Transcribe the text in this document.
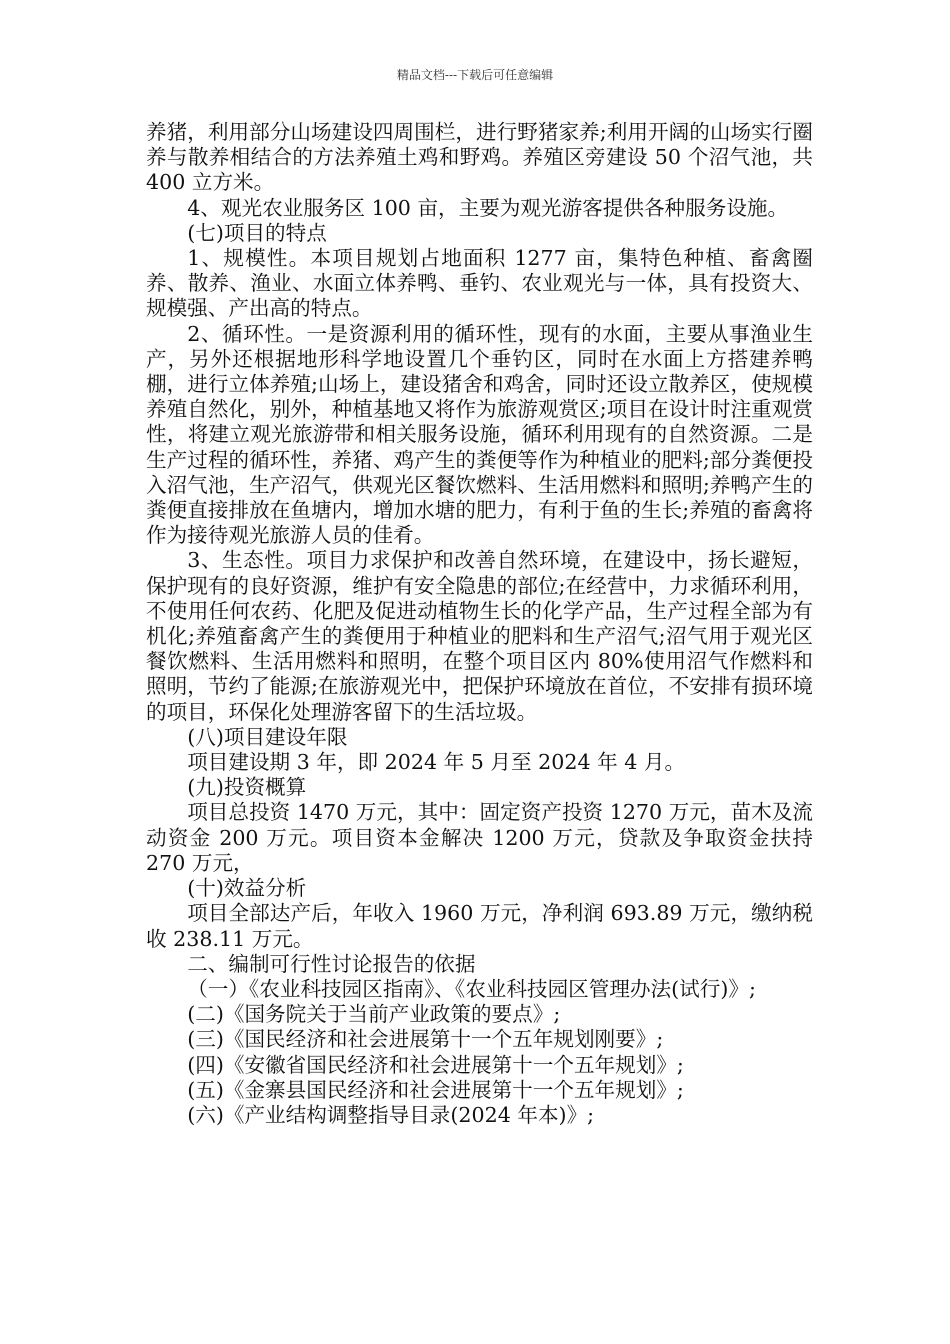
精品文档---下载后可任意编辑

养猪，利用部分山场建设四周围栏，进行野猪家养;利用开阔的山场实行圈养与散养相结合的方法养殖土鸡和野鸡。养殖区旁建设 50 个沼气池，共 400 立方米。

4、观光农业服务区 100 亩，主要为观光游客提供各种服务设施。

(七)项目的特点

1、规模性。本项目规划占地面积 1277 亩，集特色种植、畜禽圈养、散养、渔业、水面立体养鸭、垂钓、农业观光与一体，具有投资大、规模强、产出高的特点。

2、循环性。一是资源利用的循环性，现有的水面，主要从事渔业生产，另外还根据地形科学地设置几个垂钓区，同时在水面上方搭建养鸭棚，进行立体养殖;山场上，建设猪舍和鸡舍，同时还设立散养区，使规模养殖自然化，别外，种植基地又将作为旅游观赏区;项目在设计时注重观赏性，将建立观光旅游带和相关服务设施，循环利用现有的自然资源。二是生产过程的循环性，养猪、鸡产生的粪便等作为种植业的肥料;部分粪便投入沼气池，生产沼气，供观光区餐饮燃料、生活用燃料和照明;养鸭产生的粪便直接排放在鱼塘内，增加水塘的肥力，有利于鱼的生长;养殖的畜禽将作为接待观光旅游人员的佳肴。

3、生态性。项目力求保护和改善自然环境，在建设中，扬长避短，保护现有的良好资源，维护有安全隐患的部位;在经营中，力求循环利用，不使用任何农药、化肥及促进动植物生长的化学产品，生产过程全部为有机化;养殖畜禽产生的粪便用于种植业的肥料和生产沼气;沼气用于观光区餐饮燃料、生活用燃料和照明，在整个项目区内 80%使用沼气作燃料和照明，节约了能源;在旅游观光中，把保护环境放在首位，不安排有损环境的项目，环保化处理游客留下的生活垃圾。

(八)项目建设年限

项目建设期 3 年，即 2024 年 5 月至 2024 年 4 月。

(九)投资概算

项目总投资 1470 万元，其中：固定资产投资 1270 万元，苗木及流动资金 200 万元。项目资本金解决 1200 万元，贷款及争取资金扶持 270 万元，

(十)效益分析

项目全部达产后，年收入 1960 万元，净利润 693.89 万元，缴纳税收 238.11 万元。

二、编制可行性讨论报告的依据

（一）《农业科技园区指南》、《农业科技园区管理办法(试行)》;

(二)《国务院关于当前产业政策的要点》;

(三)《国民经济和社会进展第十一个五年规划刚要》;

(四)《安徽省国民经济和社会进展第十一个五年规划》;

(五)《金寨县国民经济和社会进展第十一个五年规划》;

(六)《产业结构调整指导目录(2024 年本)》;
